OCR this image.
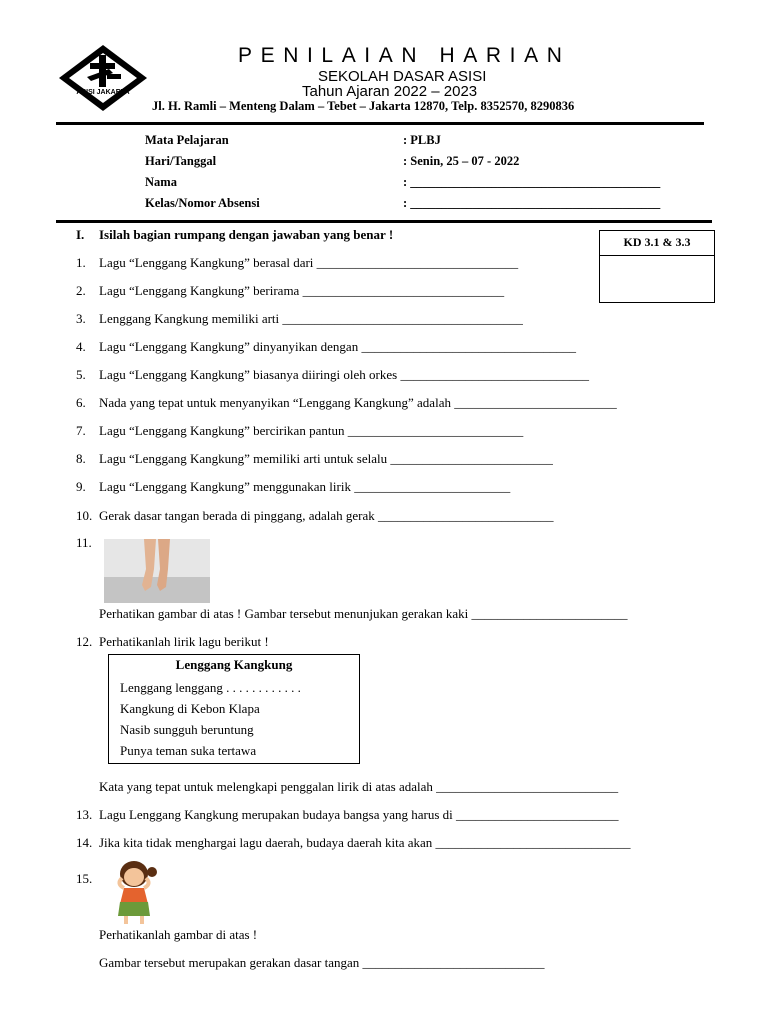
ASISI JAKARTA
PENILAIAN HARIAN
SEKOLAH DASAR ASISI
Tahun Ajaran 2022 – 2023
Jl. H. Ramli – Menteng Dalam – Tebet – Jakarta 12870, Telp. 8352570, 8290836
Mata Pelajaran	: PLBJ
Hari/Tanggal	: Senin, 25 – 07 - 2022
Nama	: ________________________________________
Kelas/Nomor Absensi	: ________________________________________
KD 3.1 & 3.3
I. Isilah bagian rumpang dengan jawaban yang benar !
1. Lagu “Lenggang Kangkung” berasal dari _______________________________
2. Lagu “Lenggang Kangkung” berirama _______________________________
3. Lenggang Kangkung memiliki arti _____________________________________
4. Lagu “Lenggang Kangkung” dinyanyikan dengan _________________________________
5. Lagu “Lenggang Kangkung” biasanya diiringi oleh orkes _____________________________
6. Nada yang tepat untuk menyanyikan “Lenggang Kangkung” adalah _________________________
7. Lagu “Lenggang Kangkung” bercirikan pantun ___________________________
8. Lagu “Lenggang Kangkung” memiliki arti untuk selalu _________________________
9. Lagu “Lenggang Kangkung” menggunakan lirik ________________________
10. Gerak dasar tangan berada di pinggang, adalah gerak ___________________________
11.
Perhatikan gambar di atas ! Gambar tersebut menunjukan gerakan kaki ________________________
12. Perhatikanlah lirik lagu berikut !
Lenggang Kangkung
Lenggang lenggang . . . . . . . . . . . .
Kangkung di Kebon Klapa
Nasib sungguh beruntung
Punya teman suka tertawa
Kata yang tepat untuk melengkapi penggalan lirik di atas adalah ____________________________
13. Lagu Lenggang Kangkung merupakan budaya bangsa yang harus di _________________________
14. Jika kita tidak menghargai lagu daerah, budaya daerah kita akan ______________________________
15.
Perhatikanlah gambar di atas !
Gambar tersebut merupakan gerakan dasar tangan ____________________________
